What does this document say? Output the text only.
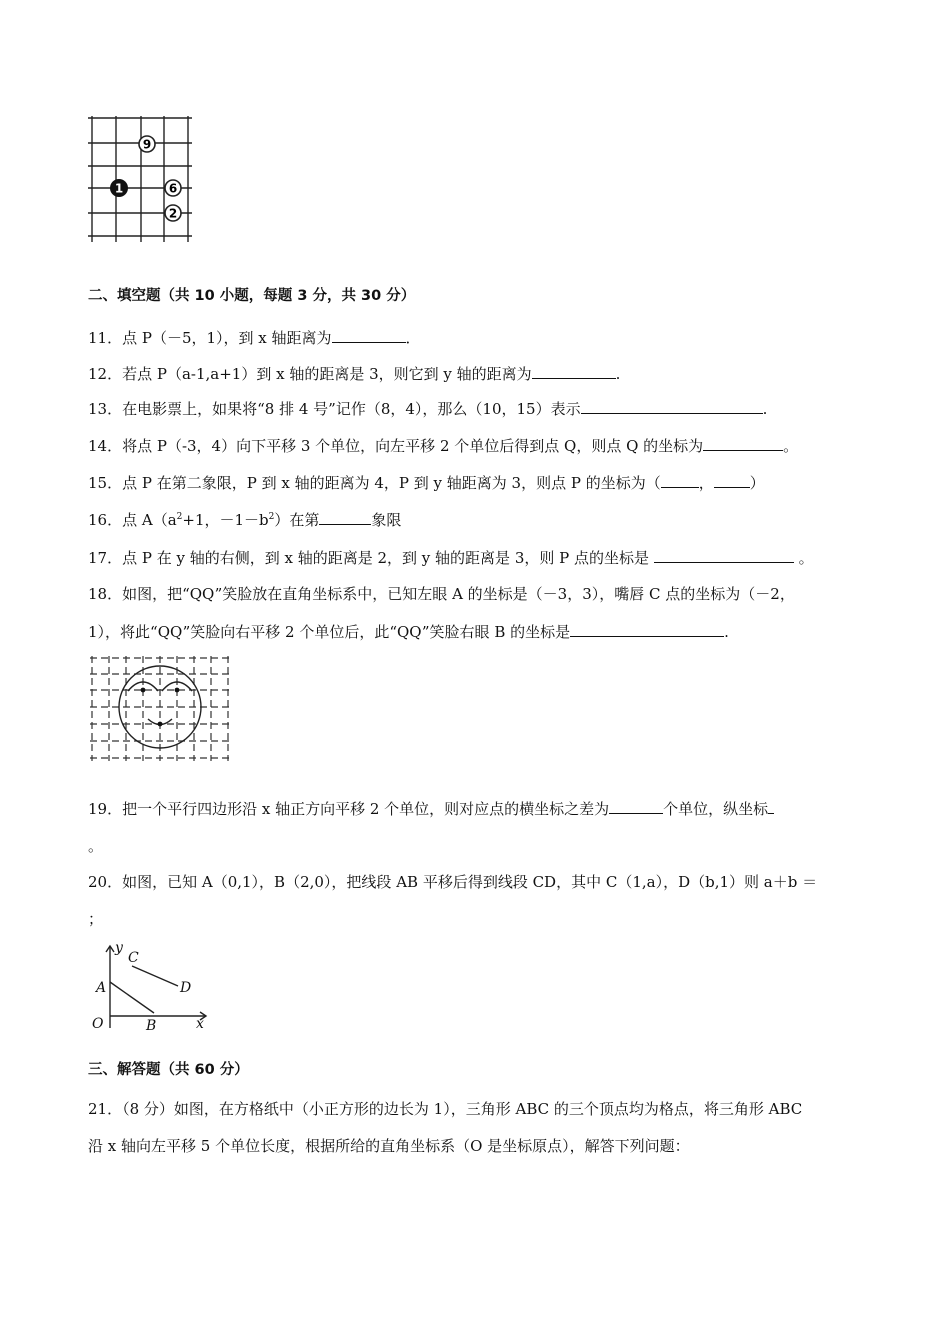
9
1	6
2
二、填空题（共 10 小题，每题 3 分，共 30 分）
11．点 P（－5，1），到 x 轴距离为	．
12．若点 P（a-1,a+1）到 x 轴的距离是 3，则它到 y 轴的距离为	.
13．在电影票上，如果将“8 排 4 号”记作（8，4），那么（10，15）表示	.
14．将点 P（-3，4）向下平移 3 个单位，向左平移 2 个单位后得到点 Q，则点 Q 的坐标为	。
15．点 P 在第二象限，P 到 x 轴的距离为 4，P 到 y 轴距离为 3，则点 P 的坐标为（	， ）
16．点 $A(a^2+1$，$-1-b^2$）在第	象限
17．点 P 在 y 轴的右侧，到 x 轴的距离是 2，到 y 轴的距离是 3，则 P 点的坐标是	。
18．如图，把“QQ”笑脸放在直角坐标系中，已知左眼 A 的坐标是（－3，3），嘴唇 C 点的坐标为（－2，
1），将此“QQ”笑脸向右平移 2 个单位后，此“QQ”笑脸右眼 B 的坐标是	.
19．把一个平行四边形沿 x 轴正方向平移 2 个单位，则对应点的横坐标之差为	个单位，纵坐标
。
20．如图，已知 A（0,1），B（2,0），把线段 AB 平移后得到线段 CD，其中 C（1,a），D（b,1）则 a＋b ＝
；
y
x
O
A
B
C
D
三、解答题（共 60 分）
21．（8 分）如图，在方格纸中（小正方形的边长为 1），三角形 ABC 的三个顶点均为格点，将三角形 ABC
沿 x 轴向左平移 5 个单位长度，根据所给的直角坐标系（O 是坐标原点），解答下列问题：
